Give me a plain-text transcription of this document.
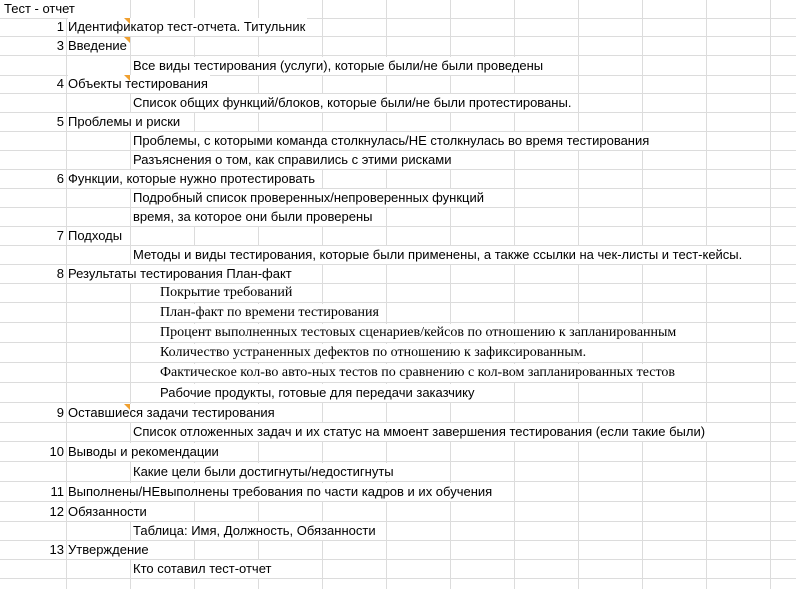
Тест - отчет
1 Идентификатор тест-отчета. Титульник
3 Введение
Все виды тестирования (услуги), которые были/не были проведены
4 Объекты тестирования
Список общих функций/блоков, которые были/не были протестированы.
5 Проблемы и риски
Проблемы, с которыми команда столкнулась/НЕ столкнулась во время тестирования
Разъяснения о том, как справились с этими рисками
6 Функции, которые нужно протестировать
Подробный список проверенных/непроверенных функций
время, за которое они были проверены
7 Подходы
Методы и виды тестирования, которые были применены, а также ссылки на чек-листы и тест-кейсы.
8 Результаты тестирования План-факт
Покрытие требований
План-факт по времени тестирования
Процент выполненных тестовых сценариев/кейсов по отношению к запланированным
Количество устраненных дефектов по отношению к зафиксированным.
Фактическое кол-во авто-ных тестов по сравнению с кол-вом запланированных тестов
Рабочие продукты, готовые для передачи заказчику
9 Оставшиеся задачи тестирования
Список отложенных задач и их статус на ммоент завершения тестирования (если такие были)
10 Выводы и рекомендации
Какие цели были достигнуты/недостигнуты
11 Выполнены/НЕвыполнены требования по части кадров и их обучения
12 Обязанности
Таблица: Имя, Должность, Обязанности
13 Утверждение
Кто сотавил тест-отчет
